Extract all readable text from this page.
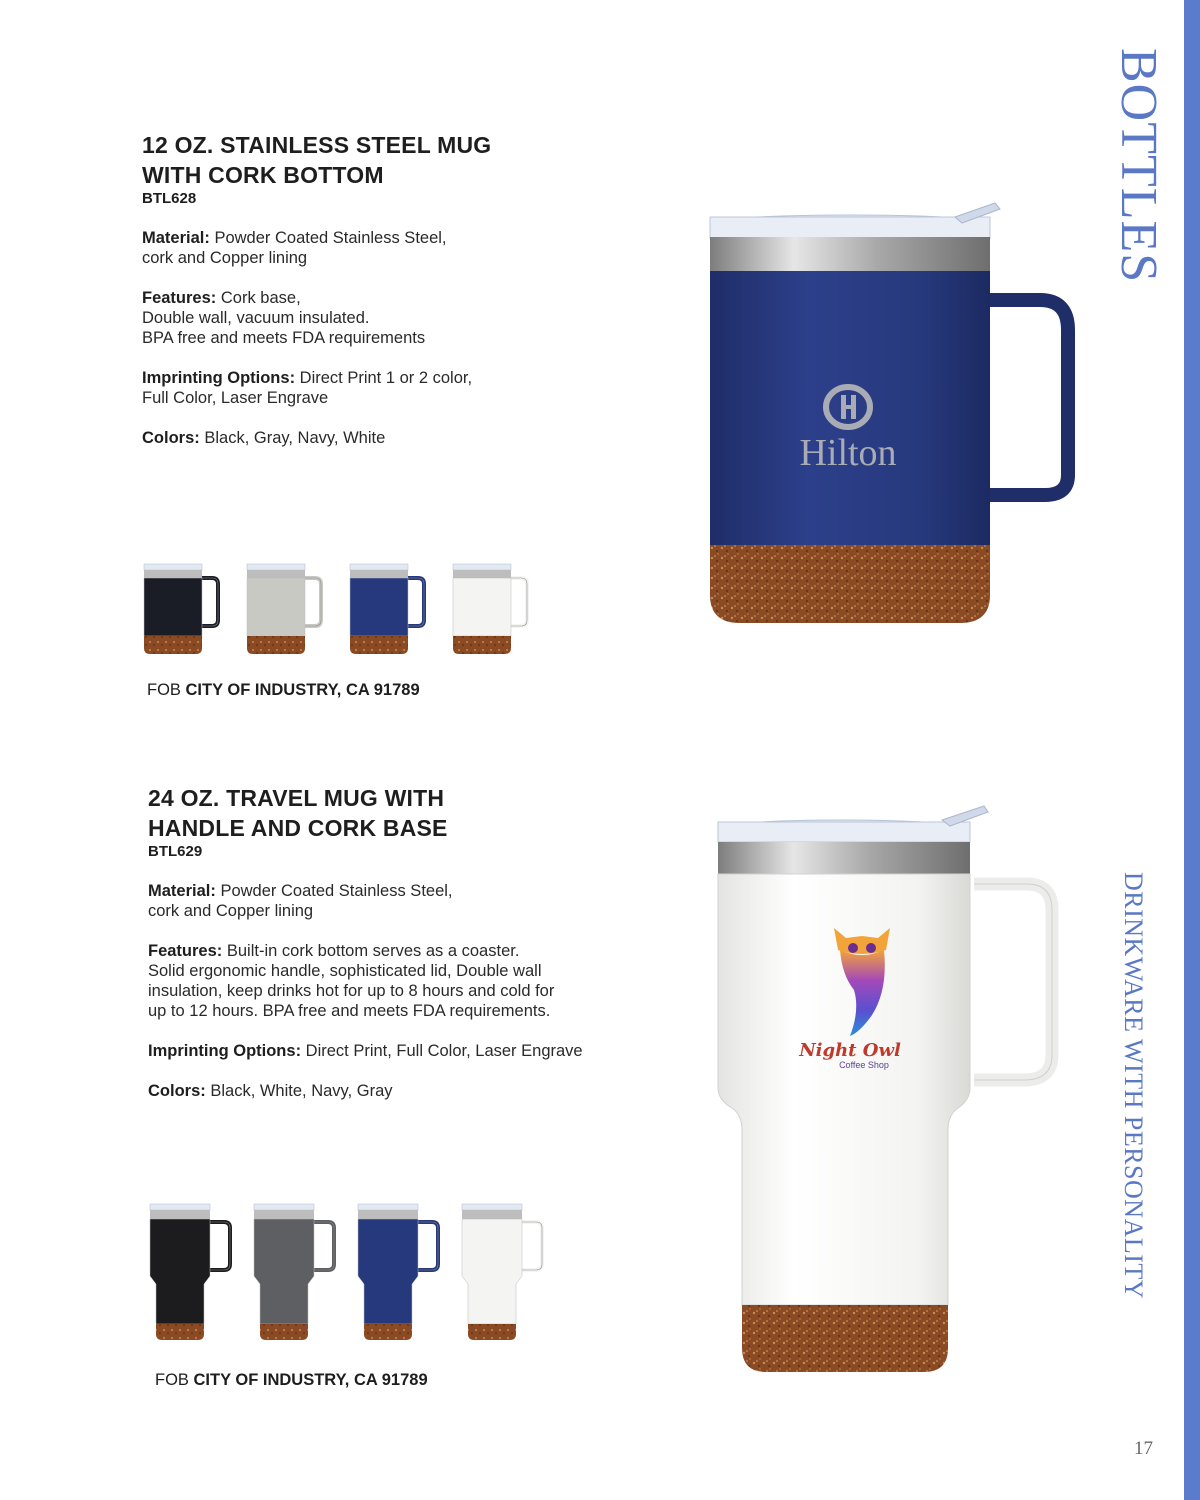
BOTTLES
DRINKWARE WITH PERSONALITY
17
12 OZ. STAINLESS STEEL MUG
WITH CORK BOTTOM
BTL628
Material: Powder Coated Stainless Steel,
cork and Copper lining
Features: Cork base,
Double wall, vacuum insulated.
BPA free and meets FDA requirements
Imprinting Options: Direct Print 1 or 2 color,
Full Color, Laser Engrave
Colors: Black, Gray, Navy, White
FOB CITY OF INDUSTRY, CA 91789
Hilton
24 OZ. TRAVEL MUG WITH
HANDLE AND CORK BASE
BTL629
Material: Powder Coated Stainless Steel,
cork and Copper lining
Features: Built-in cork bottom serves as a coaster.
Solid ergonomic handle, sophisticated lid, Double wall
insulation, keep drinks hot for up to 8 hours and cold for
up to 12 hours. BPA free and meets FDA requirements.
Imprinting Options: Direct Print, Full Color, Laser Engrave
Colors: Black, White, Navy, Gray
FOB CITY OF INDUSTRY, CA 91789
Night Owl
Coffee Shop
